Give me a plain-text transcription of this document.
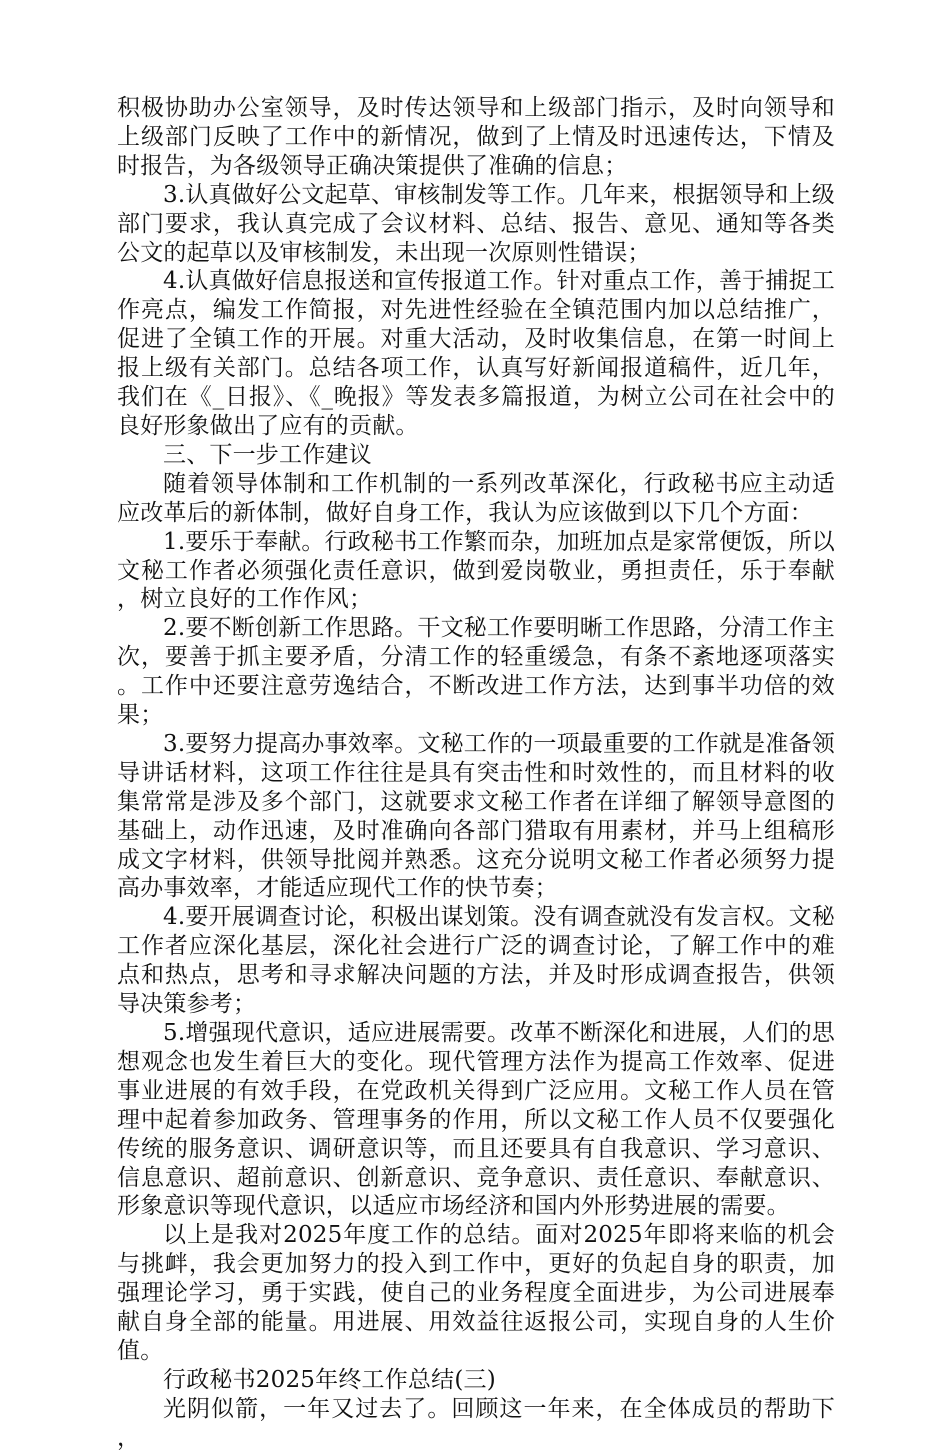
积极协助办公室领导，及时传达领导和上级部门指示，及时向领导和上级部门反映了工作中的新情况，做到了上情及时迅速传达，下情及时报告，为各级领导正确决策提供了准确的信息；

3.认真做好公文起草、审核制发等工作。几年来，根据领导和上级部门要求，我认真完成了会议材料、总结、报告、意见、通知等各类公文的起草以及审核制发，未出现一次原则性错误；

4.认真做好信息报送和宣传报道工作。针对重点工作，善于捕捉工作亮点，编发工作简报，对先进性经验在全镇范围内加以总结推广，促进了全镇工作的开展。对重大活动，及时收集信息，在第一时间上报上级有关部门。总结各项工作，认真写好新闻报道稿件，近几年，我们在《_日报》、《_晚报》等发表多篇报道，为树立公司在社会中的良好形象做出了应有的贡献。

三、下一步工作建议

随着领导体制和工作机制的一系列改革深化，行政秘书应主动适应改革后的新体制，做好自身工作，我认为应该做到以下几个方面：

1.要乐于奉献。行政秘书工作繁而杂，加班加点是家常便饭，所以文秘工作者必须强化责任意识，做到爱岗敬业，勇担责任，乐于奉献，树立良好的工作作风；

2.要不断创新工作思路。干文秘工作要明晰工作思路，分清工作主次，要善于抓主要矛盾，分清工作的轻重缓急，有条不紊地逐项落实。工作中还要注意劳逸结合，不断改进工作方法，达到事半功倍的效果；

3.要努力提高办事效率。文秘工作的一项最重要的工作就是准备领导讲话材料，这项工作往往是具有突击性和时效性的，而且材料的收集常常是涉及多个部门，这就要求文秘工作者在详细了解领导意图的基础上，动作迅速，及时准确向各部门猎取有用素材，并马上组稿形成文字材料，供领导批阅并熟悉。这充分说明文秘工作者必须努力提高办事效率，才能适应现代工作的快节奏；

4.要开展调查讨论，积极出谋划策。没有调查就没有发言权。文秘工作者应深化基层，深化社会进行广泛的调查讨论，了解工作中的难点和热点，思考和寻求解决问题的方法，并及时形成调查报告，供领导决策参考；

5.增强现代意识，适应进展需要。改革不断深化和进展，人们的思想观念也发生着巨大的变化。现代管理方法作为提高工作效率、促进事业进展的有效手段，在党政机关得到广泛应用。文秘工作人员在管理中起着参加政务、管理事务的作用，所以文秘工作人员不仅要强化传统的服务意识、调研意识等，而且还要具有自我意识、学习意识、信息意识、超前意识、创新意识、竞争意识、责任意识、奉献意识、形象意识等现代意识，以适应市场经济和国内外形势进展的需要。

以上是我对2025年度工作的总结。面对2025年即将来临的机会与挑衅，我会更加努力的投入到工作中，更好的负起自身的职责，加强理论学习，勇于实践，使自己的业务程度全面进步，为公司进展奉献自身全部的能量。用进展、用效益往返报公司，实现自身的人生价值。

行政秘书2025年终工作总结(三)

光阴似箭，一年又过去了。回顾这一年来，在全体成员的帮助下，
